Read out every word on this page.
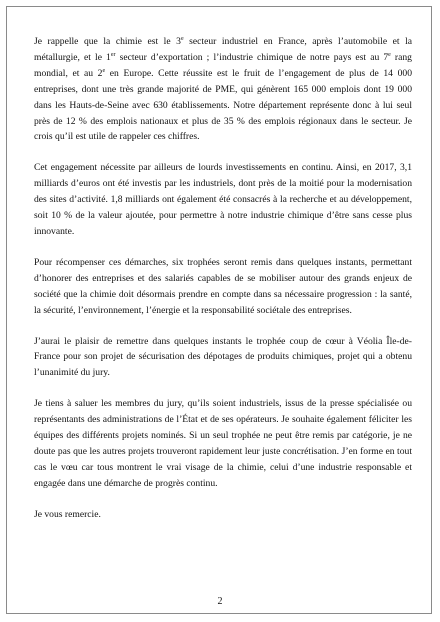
Je rappelle que la chimie est le 3e secteur industriel en France, après l’automobile et la métallurgie, et le 1er secteur d’exportation ; l’industrie chimique de notre pays est au 7e rang mondial, et au 2e en Europe. Cette réussite est le fruit de l’engagement de plus de 14 000 entreprises, dont une très grande majorité de PME, qui génèrent 165 000 emplois dont 19 000 dans les Hauts-de-Seine avec 630 établissements. Notre département représente donc à lui seul près de 12 % des emplois nationaux et plus de 35 % des emplois régionaux dans le secteur. Je crois qu’il est utile de rappeler ces chiffres.

Cet engagement nécessite par ailleurs de lourds investissements en continu. Ainsi, en 2017, 3,1 milliards d’euros ont été investis par les industriels, dont près de la moitié pour la modernisation des sites d’activité. 1,8 milliards ont également été consacrés à la recherche et au développement, soit 10 % de la valeur ajoutée, pour permettre à notre industrie chimique d’être sans cesse plus innovante.

Pour récompenser ces démarches, six trophées seront remis dans quelques instants, permettant d’honorer des entreprises et des salariés capables de se mobiliser autour des grands enjeux de société que la chimie doit désormais prendre en compte dans sa nécessaire progression : la santé, la sécurité, l’environnement, l’énergie et la responsabilité sociétale des entreprises.

J’aurai le plaisir de remettre dans quelques instants le trophée coup de cœur à Véolia Île-de-France pour son projet de sécurisation des dépotages de produits chimiques, projet qui a obtenu l’unanimité du jury.

Je tiens à saluer les membres du jury, qu’ils soient industriels, issus de la presse spécialisée ou représentants des administrations de l’État et de ses opérateurs. Je souhaite également féliciter les équipes des différents projets nominés. Si un seul trophée ne peut être remis par catégorie, je ne doute pas que les autres projets trouveront rapidement leur juste concrétisation. J’en forme en tout cas le vœu car tous montrent le vrai visage de la chimie, celui d’une industrie responsable et engagée dans une démarche de progrès continu.

Je vous remercie.

2
